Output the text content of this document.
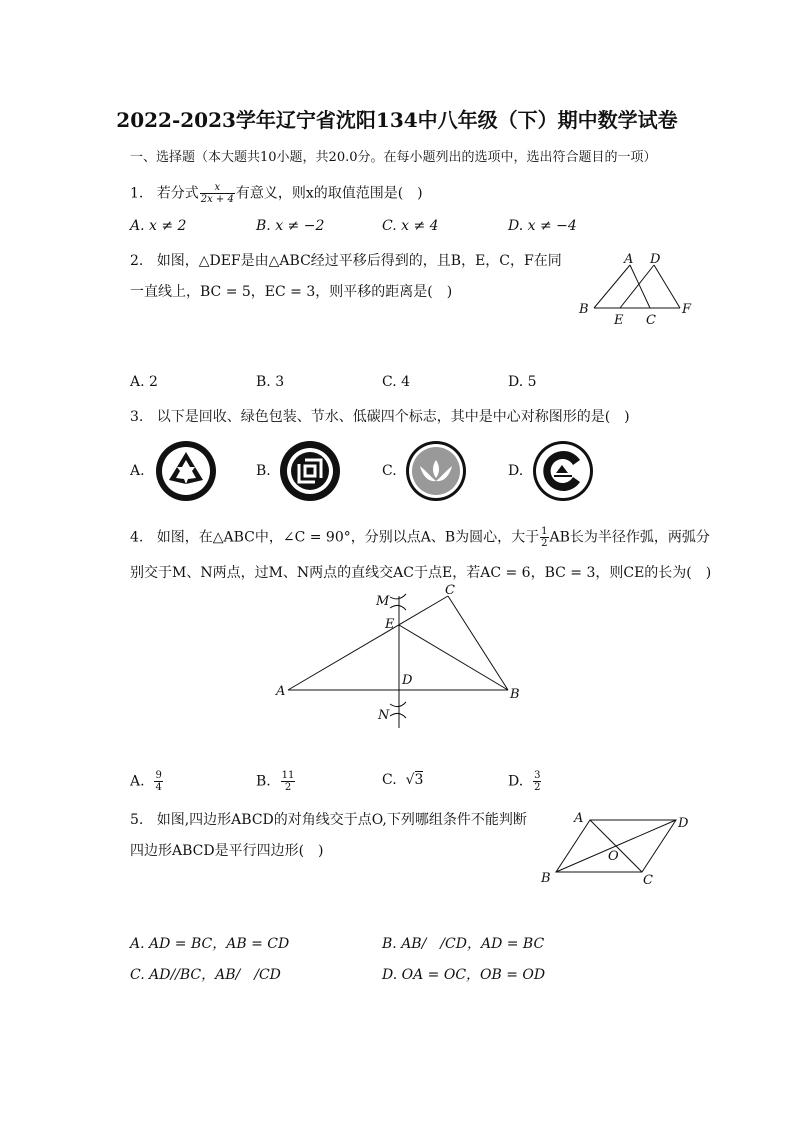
2022-2023学年辽宁省沈阳134中八年级（下）期中数学试卷
一、选择题（本大题共10小题，共20.0分。在每小题列出的选项中，选出符合题目的一项）
1. 若分式 $\frac{x}{2x + 4}$ 有意义，则x的取值范围是(　)
A. x ≠ 2	B. x ≠ −2	C. x ≠ 4	D. x ≠ −4
2. 如图，△DEF是由△ABC经过平移后得到的，且B，E，C，F在同
一直线上，BC = 5，EC = 3，则平移的距离是(　)
A D
B
E C
F
A. 2	B. 3	C. 4	D. 5
3. 以下是回收、绿色包装、节水、低碳四个标志，其中是中心对称图形的是(　)
A.	B.	C.	D.
4. 如图，在△ABC中，∠C = 90°，分别以点A、B为圆心，大于 $\frac{1}{2}$ AB长为半径作弧，两弧分
别交于M、N两点，过M、N两点的直线交AC于点E，若AC = 6，BC = 3，则CE的长为(　)
M
C
E
D
A	B
N
A. $\frac{9}{4}$	B. $\frac{11}{2}$	C. √3	D. $\frac{3}{2}$
5. 如图,四边形ABCD的对角线交于点O,下列哪组条件不能判断
四边形ABCD是平行四边形(　)
A	D
O
B	C
A. AD = BC，AB = CD	B. AB/　/CD，AD = BC
C. AD//BC，AB/　/CD	D. OA = OC，OB = OD
